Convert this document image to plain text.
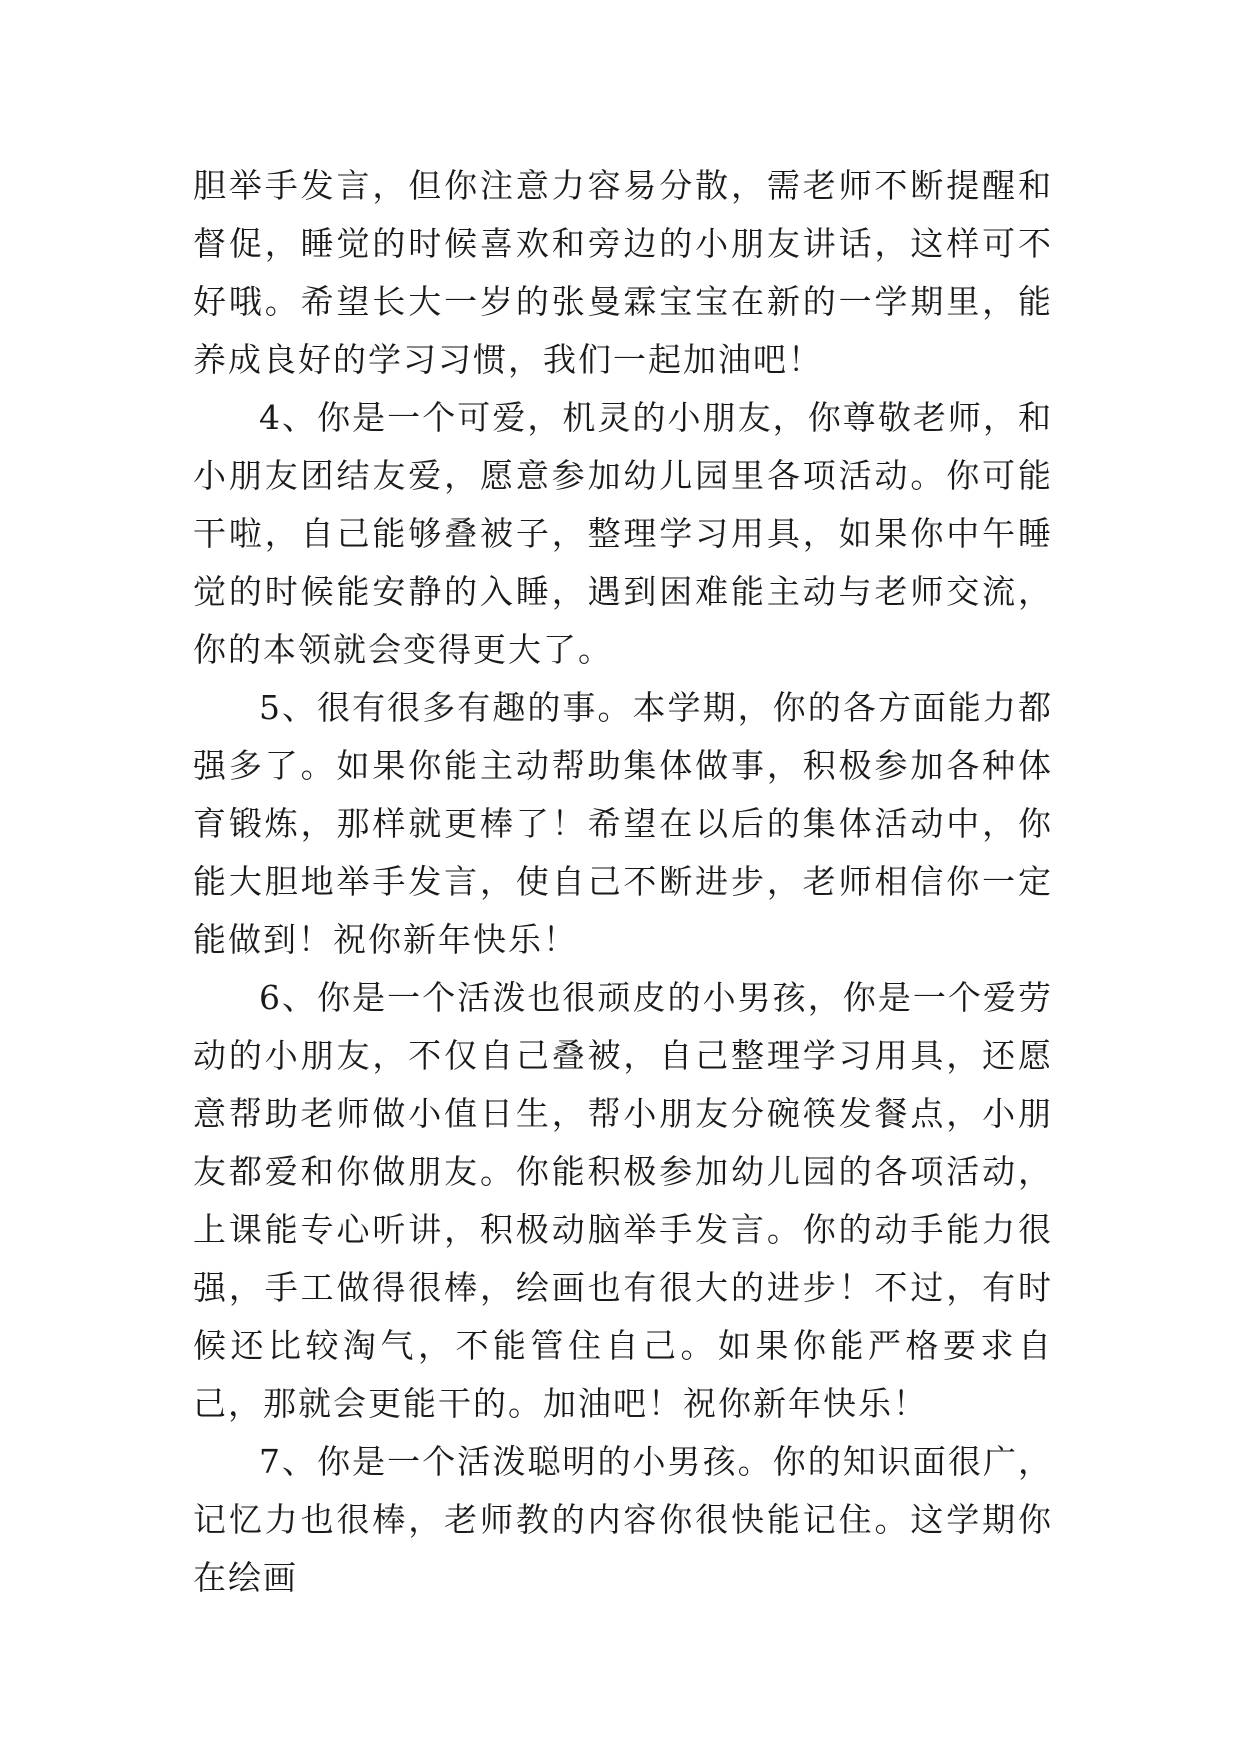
胆举手发言，但你注意力容易分散，需老师不断提醒和督促，睡觉的时候喜欢和旁边的小朋友讲话，这样可不好哦。希望长大一岁的张曼霖宝宝在新的一学期里，能养成良好的学习习惯，我们一起加油吧！

4、你是一个可爱，机灵的小朋友，你尊敬老师，和小朋友团结友爱，愿意参加幼儿园里各项活动。你可能干啦，自己能够叠被子，整理学习用具，如果你中午睡觉的时候能安静的入睡，遇到困难能主动与老师交流，你的本领就会变得更大了。

5、很有很多有趣的事。本学期，你的各方面能力都强多了。如果你能主动帮助集体做事，积极参加各种体育锻炼，那样就更棒了！希望在以后的集体活动中，你能大胆地举手发言，使自己不断进步，老师相信你一定能做到！祝你新年快乐！

6、你是一个活泼也很顽皮的小男孩，你是一个爱劳动的小朋友，不仅自己叠被，自己整理学习用具，还愿意帮助老师做小值日生，帮小朋友分碗筷发餐点，小朋友都爱和你做朋友。你能积极参加幼儿园的各项活动，上课能专心听讲，积极动脑举手发言。你的动手能力很强，手工做得很棒，绘画也有很大的进步！不过，有时候还比较淘气，不能管住自己。如果你能严格要求自己，那就会更能干的。加油吧！祝你新年快乐！

7、你是一个活泼聪明的小男孩。你的知识面很广，记忆力也很棒，老师教的内容你很快能记住。这学期你在绘画
